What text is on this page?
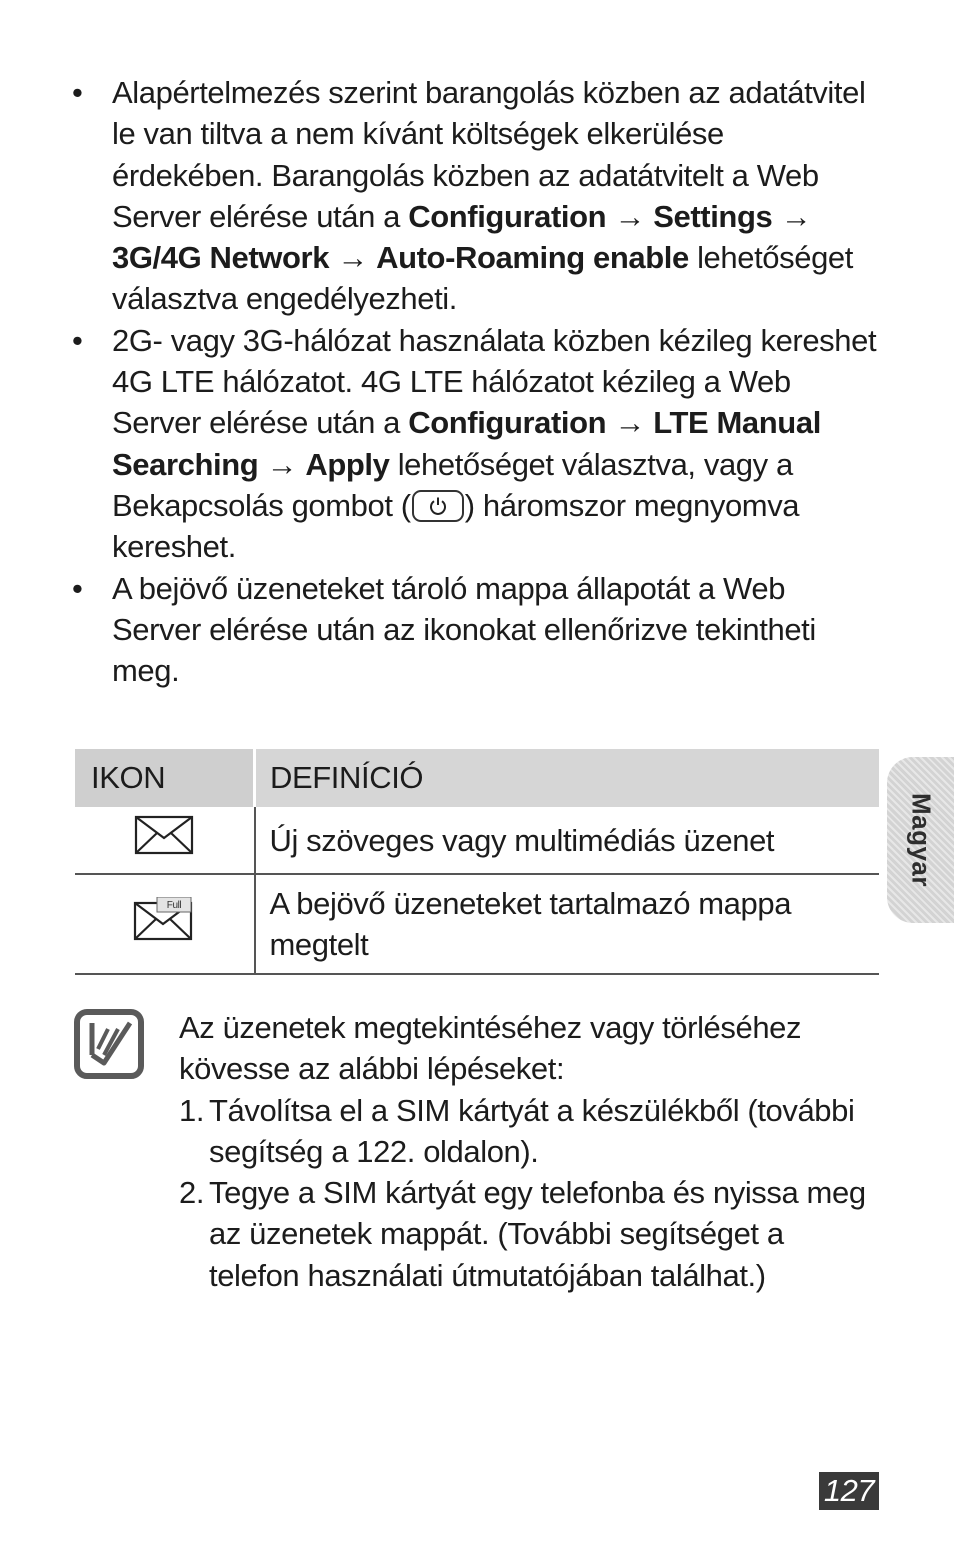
• Alapértelmezés szerint barangolás közben az adatátvitel le van tiltva a nem kívánt költségek elkerülése érdekében. Barangolás közben az adatátvitelt a Web Server elérése után a Configuration → Settings → 3G/4G Network → Auto-Roaming enable lehetőséget választva engedélyezheti.
• 2G- vagy 3G-hálózat használata közben kézileg kereshet 4G LTE hálózatot. 4G LTE hálózatot kézileg a Web Server elérése után a Configuration → LTE Manual Searching → Apply lehetőséget választva, vagy a Bekapcsolás gombot ( ) háromszor megnyomva kereshet.
• A bejövő üzeneteket tároló mappa állapotát a Web Server elérése után az ikonokat ellenőrizve tekintheti meg.
IKON	DEFINÍCIÓ
	Új szöveges vagy multimédiás üzenet

Full	A bejövő üzeneteket tartalmazó mappa megtelt
Magyar

Az üzenetek megtekintéséhez vagy törléséhez kövesse az alábbi lépéseket:

1. Távolítsa el a SIM kártyát a készülékből (további segítség a 122. oldalon).
2. Tegye a SIM kártyát egy telefonba és nyissa meg az üzenetek mappát. (További segítséget a telefon használati útmutatójában találhat.)
127
